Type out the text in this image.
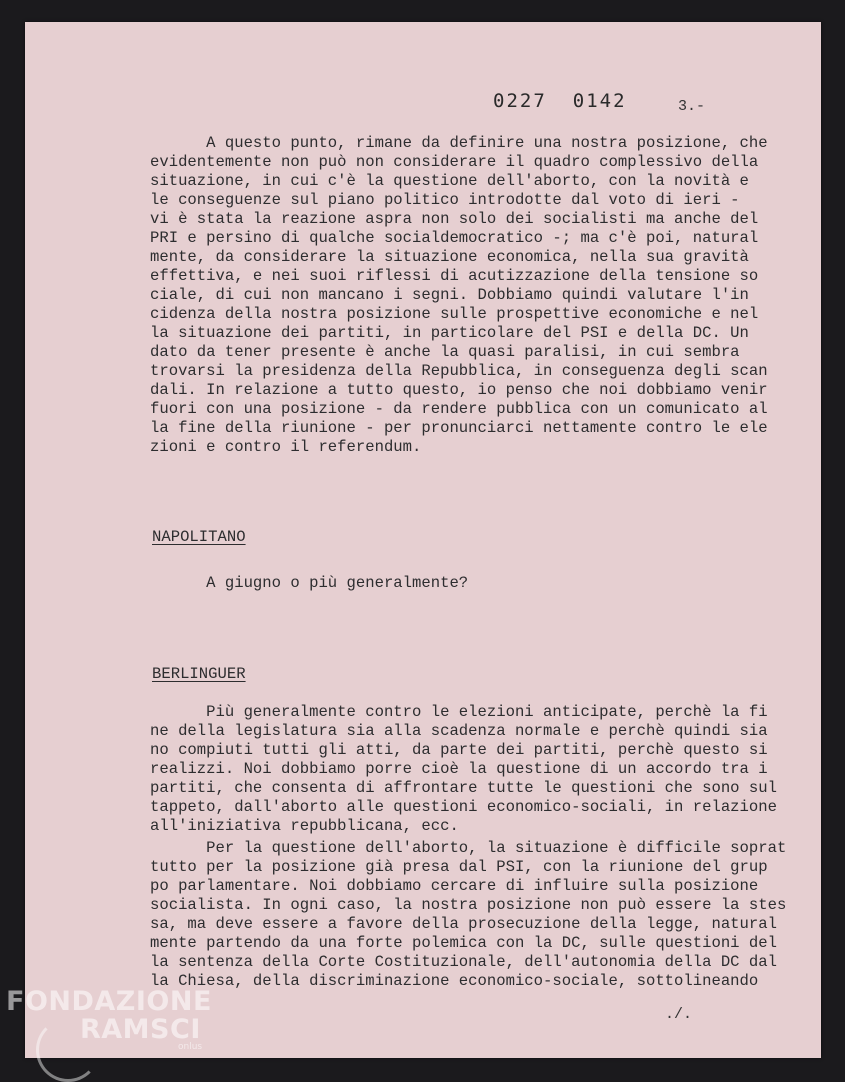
0227 0142	3.-
A questo punto, rimane da definire una nostra posizione, che
evidentemente non può non considerare il quadro complessivo della
situazione, in cui c'è la questione dell'aborto, con la novità e
le conseguenze sul piano politico introdotte dal voto di ieri -
vi è stata la reazione aspra non solo dei socialisti ma anche del
PRI e persino di qualche socialdemocratico -; ma c'è poi, natural
mente, da considerare la situazione economica, nella sua gravità
effettiva, e nei suoi riflessi di acutizzazione della tensione so
ciale, di cui non mancano i segni. Dobbiamo quindi valutare l'in
cidenza della nostra posizione sulle prospettive economiche e nel
la situazione dei partiti, in particolare del PSI e della DC. Un
dato da tener presente è anche la quasi paralisi, in cui sembra
trovarsi la presidenza della Repubblica, in conseguenza degli scan
dali. In relazione a tutto questo, io penso che noi dobbiamo venir
fuori con una posizione - da rendere pubblica con un comunicato al
la fine della riunione - per pronunciarci nettamente contro le ele
zioni e contro il referendum.
NAPOLITANO
A giugno o più generalmente?
BERLINGUER
Più generalmente contro le elezioni anticipate, perchè la fi
ne della legislatura sia alla scadenza normale e perchè quindi sia
no compiuti tutti gli atti, da parte dei partiti, perchè questo si
realizzi. Noi dobbiamo porre cioè la questione di un accordo tra i
partiti, che consenta di affrontare tutte le questioni che sono sul
tappeto, dall'aborto alle questioni economico-sociali, in relazione
all'iniziativa repubblicana, ecc.
Per la questione dell'aborto, la situazione è difficile soprat
tutto per la posizione già presa dal PSI, con la riunione del grup
po parlamentare. Noi dobbiamo cercare di influire sulla posizione
socialista. In ogni caso, la nostra posizione non può essere la stes
sa, ma deve essere a favore della prosecuzione della legge, natural
mente partendo da una forte polemica con la DC, sulle questioni del
la sentenza della Corte Costituzionale, dell'autonomia della DC dal
la Chiesa, della discriminazione economico-sociale, sottolineando
./.
FONDAZIONE
RAMSCI
onlus
